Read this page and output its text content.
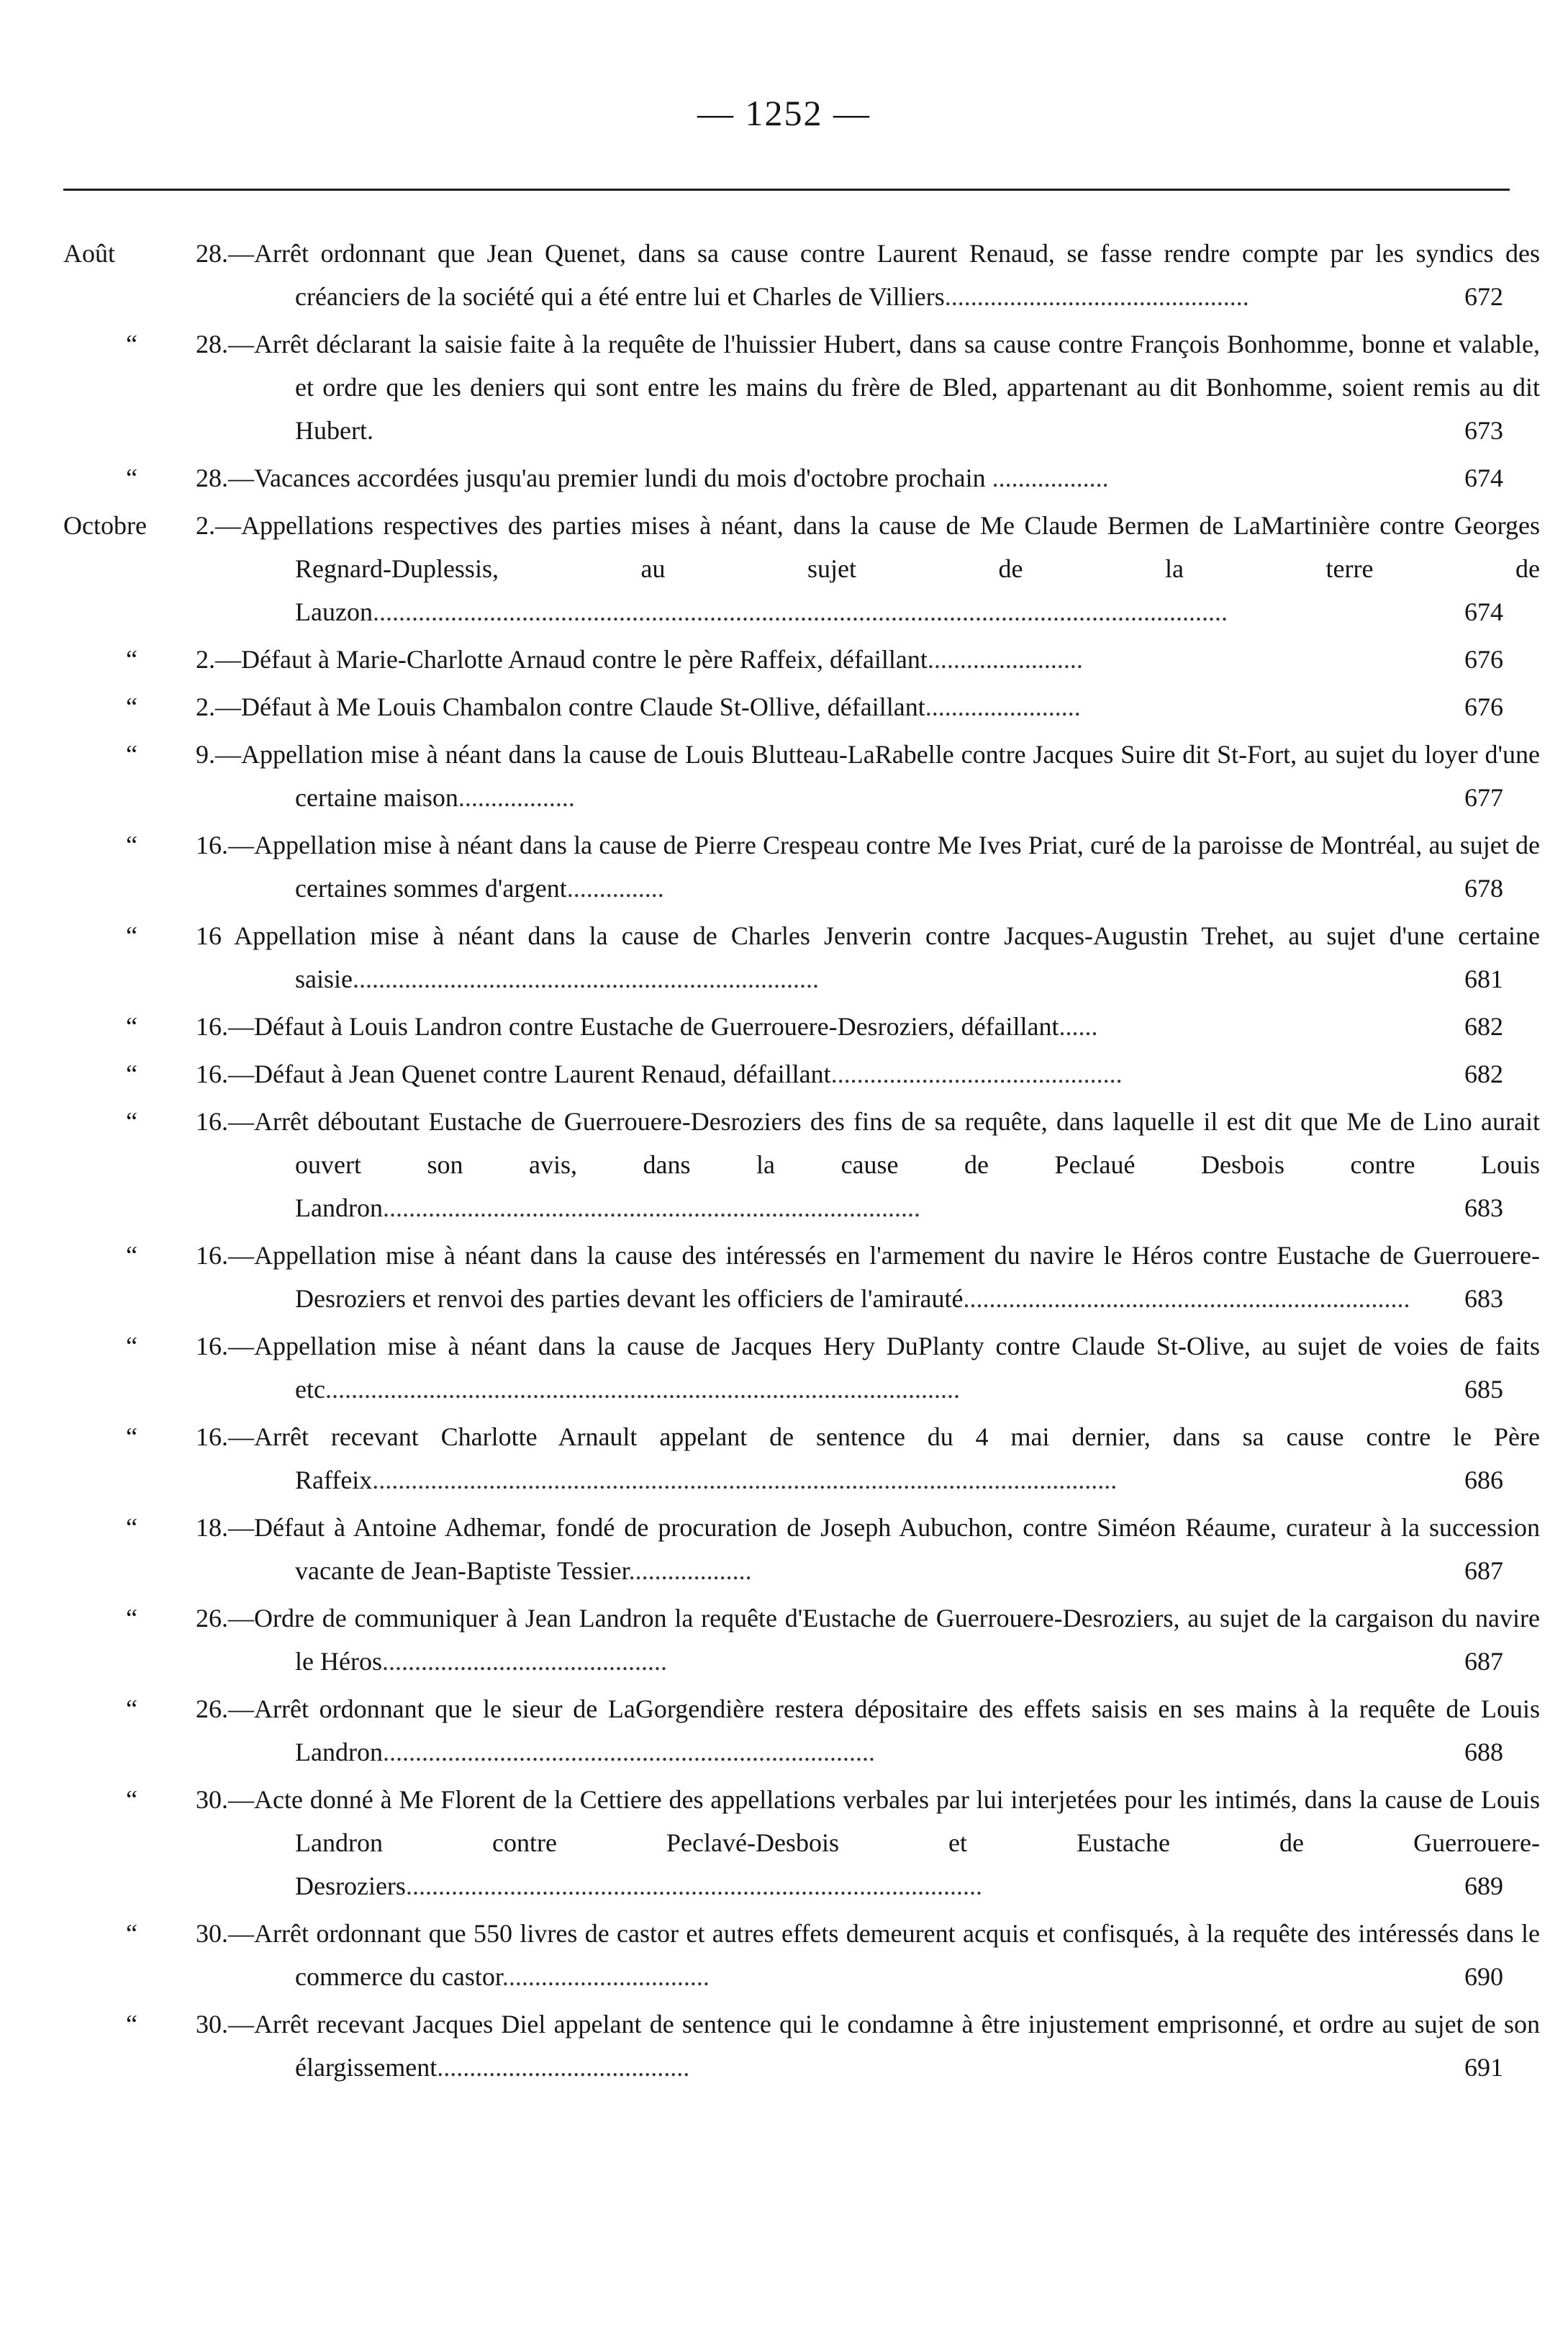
— 1252 —
Août	28.—Arrêt ordonnant que Jean Quenet, dans sa cause contre Laurent Renaud, se fasse rendre compte par les syndics des créanciers de la société qui a été entre lui et Charles de Villiers...............................................	672
“	28.—Arrêt déclarant la saisie faite à la requête de l'huissier Hubert, dans sa cause contre François Bonhomme, bonne et valable, et ordre que les deniers qui sont entre les mains du frère de Bled, appartenant au dit Bonhomme, soient remis au dit Hubert.	673
“	28.—Vacances accordées jusqu'au premier lundi du mois d'octobre prochain ..................	674
Octobre	2.—Appellations respectives des parties mises à néant, dans la cause de Me Claude Bermen de LaMartinière contre Georges Regnard-Duplessis, au sujet de la terre de Lauzon....................................................................................................................................	674
“	2.—Défaut à Marie-Charlotte Arnaud contre le père Raffeix, défaillant........................	676
“	2.—Défaut à Me Louis Chambalon contre Claude St-Ollive, défaillant........................	676
“	9.—Appellation mise à néant dans la cause de Louis Blutteau-LaRabelle contre Jacques Suire dit St-Fort, au sujet du loyer d'une certaine maison..................	677
“	16.—Appellation mise à néant dans la cause de Pierre Crespeau contre Me Ives Priat, curé de la paroisse de Montréal, au sujet de certaines sommes d'argent...............	678
“	16 Appellation mise à néant dans la cause de Charles Jenverin contre Jacques-Augustin Trehet, au sujet d'une certaine saisie........................................................................	681
“	16.—Défaut à Louis Landron contre Eustache de Guerrouere-Desroziers, défaillant......	682
“	16.—Défaut à Jean Quenet contre Laurent Renaud, défaillant.............................................	682
“	16.—Arrêt déboutant Eustache de Guerrouere-Desroziers des fins de sa requête, dans laquelle il est dit que Me de Lino aurait ouvert son avis, dans la cause de Peclaué Desbois contre Louis Landron...................................................................................	683
“	16.—Appellation mise à néant dans la cause des intéressés en l'armement du navire le Héros contre Eustache de Guerrouere-Desroziers et renvoi des parties devant les officiers de l'amirauté.....................................................................	683
“	16.—Appellation mise à néant dans la cause de Jacques Hery DuPlanty contre Claude St-Olive, au sujet de voies de faits etc..................................................................................................	685
“	16.—Arrêt recevant Charlotte Arnault appelant de sentence du 4 mai dernier, dans sa cause contre le Père Raffeix...................................................................................................................	686
“	18.—Défaut à Antoine Adhemar, fondé de procuration de Joseph Aubuchon, contre Siméon Réaume, curateur à la succession vacante de Jean-Baptiste Tessier...................	687
“	26.—Ordre de communiquer à Jean Landron la requête d'Eustache de Guerrouere-Desroziers, au sujet de la cargaison du navire le Héros............................................	687
“	26.—Arrêt ordonnant que le sieur de LaGorgendière restera dépositaire des effets saisis en ses mains à la requête de Louis Landron............................................................................	688
“	30.—Acte donné à Me Florent de la Cettiere des appellations verbales par lui interjetées pour les intimés, dans la cause de Louis Landron contre Peclavé-Desbois et Eustache de Guerrouere-Desroziers.........................................................................................	689
“	30.—Arrêt ordonnant que 550 livres de castor et autres effets demeurent acquis et confisqués, à la requête des intéressés dans le commerce du castor................................	690
“	30.—Arrêt recevant Jacques Diel appelant de sentence qui le condamne à être injustement emprisonné, et ordre au sujet de son élargissement.......................................	691
